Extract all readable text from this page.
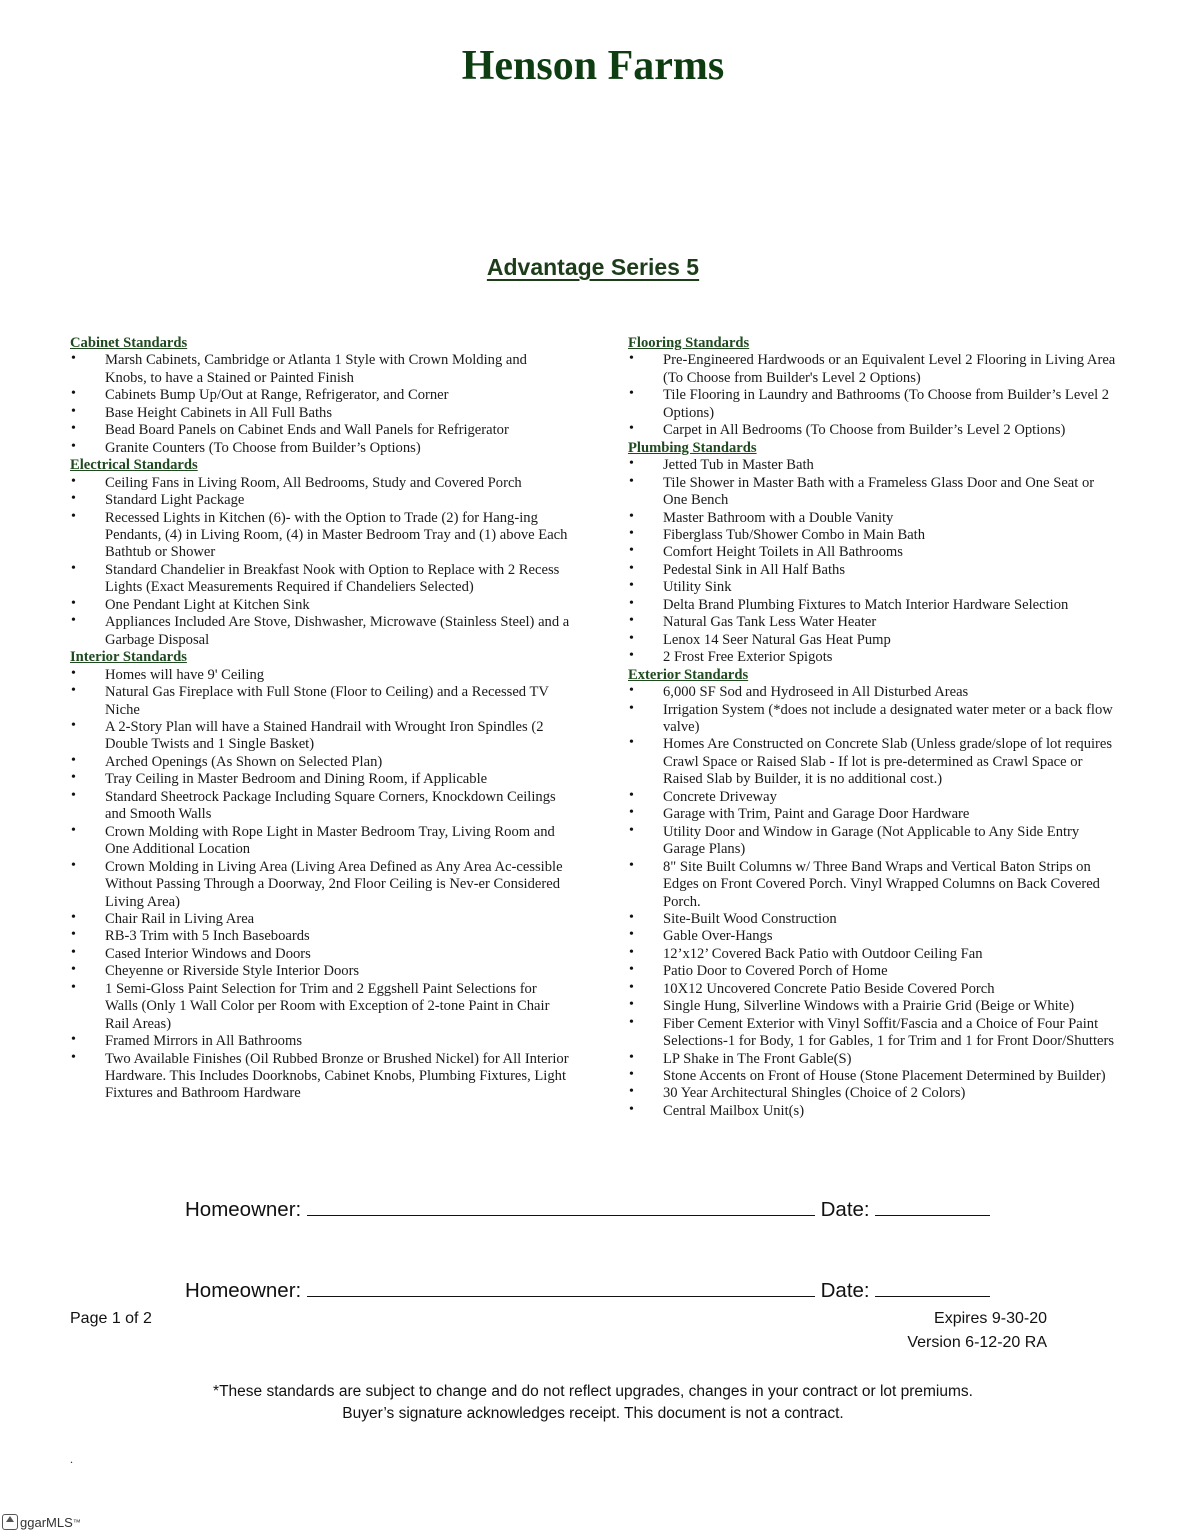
Henson Farms
Advantage Series 5
Cabinet Standards
• Marsh Cabinets, Cambridge or Atlanta 1 Style with Crown Molding and Knobs, to have a Stained or Painted Finish
• Cabinets Bump Up/Out at Range, Refrigerator, and Corner
• Base Height Cabinets in All Full Baths
• Bead Board Panels on Cabinet Ends and Wall Panels for Refrigerator
• Granite Counters (To Choose from Builder’s Options)
Electrical Standards
• Ceiling Fans in Living Room, All Bedrooms, Study and Covered Porch
• Standard Light Package
• Recessed Lights in Kitchen (6)- with the Option to Trade (2) for Hang-ing Pendants, (4) in Living Room, (4) in Master Bedroom Tray and (1) above Each Bathtub or Shower
• Standard Chandelier in Breakfast Nook with Option to Replace with 2 Recess Lights (Exact Measurements Required if Chandeliers Selected)
• One Pendant Light at Kitchen Sink
• Appliances Included Are Stove, Dishwasher, Microwave (Stainless Steel) and a Garbage Disposal
Interior Standards
• Homes will have 9' Ceiling
• Natural Gas Fireplace with Full Stone (Floor to Ceiling) and a Recessed TV Niche
• A 2-Story Plan will have a Stained Handrail with Wrought Iron Spindles (2 Double Twists and 1 Single Basket)
• Arched Openings (As Shown on Selected Plan)
• Tray Ceiling in Master Bedroom and Dining Room, if Applicable
• Standard Sheetrock Package Including Square Corners, Knockdown Ceilings and Smooth Walls
• Crown Molding with Rope Light in Master Bedroom Tray, Living Room and One Additional Location
• Crown Molding in Living Area (Living Area Defined as Any Area Ac-cessible Without Passing Through a Doorway, 2nd Floor Ceiling is Nev-er Considered Living Area)
• Chair Rail in Living Area
• RB-3 Trim with 5 Inch Baseboards
• Cased Interior Windows and Doors
• Cheyenne or Riverside Style Interior Doors
• 1 Semi-Gloss Paint Selection for Trim and 2 Eggshell Paint Selections for Walls (Only 1 Wall Color per Room with Exception of 2-tone Paint in Chair Rail Areas)
• Framed Mirrors in All Bathrooms
• Two Available Finishes (Oil Rubbed Bronze or Brushed Nickel) for All Interior Hardware. This Includes Doorknobs, Cabinet Knobs, Plumbing Fixtures, Light Fixtures and Bathroom Hardware
Flooring Standards
• Pre-Engineered Hardwoods or an Equivalent Level 2 Flooring in Living Area (To Choose from Builder's Level 2 Options)
• Tile Flooring in Laundry and Bathrooms (To Choose from Builder’s Level 2 Options)
• Carpet in All Bedrooms (To Choose from Builder’s Level 2 Options)
Plumbing Standards
• Jetted Tub in Master Bath
• Tile Shower in Master Bath with a Frameless Glass Door and One Seat or One Bench
• Master Bathroom with a Double Vanity
• Fiberglass Tub/Shower Combo in Main Bath
• Comfort Height Toilets in All Bathrooms
• Pedestal Sink in All Half Baths
• Utility Sink
• Delta Brand Plumbing Fixtures to Match Interior Hardware Selection
• Natural Gas Tank Less Water Heater
• Lenox 14 Seer Natural Gas Heat Pump
• 2 Frost Free Exterior Spigots
Exterior Standards
• 6,000 SF Sod and Hydroseed in All Disturbed Areas
• Irrigation System (*does not include a designated water meter or a back flow valve)
• Homes Are Constructed on Concrete Slab (Unless grade/slope of lot requires Crawl Space or Raised Slab - If lot is pre-determined as Crawl Space or Raised Slab by Builder, it is no additional cost.)
• Concrete Driveway
• Garage with Trim, Paint and Garage Door Hardware
• Utility Door and Window in Garage (Not Applicable to Any Side Entry Garage Plans)
• 8" Site Built Columns w/ Three Band Wraps and Vertical Baton Strips on Edges on Front Covered Porch. Vinyl Wrapped Columns on Back Covered Porch.
• Site-Built Wood Construction
• Gable Over-Hangs
• 12’x12’ Covered Back Patio with Outdoor Ceiling Fan
• Patio Door to Covered Porch of Home
• 10X12 Uncovered Concrete Patio Beside Covered Porch
• Single Hung, Silverline Windows with a Prairie Grid (Beige or White)
• Fiber Cement Exterior with Vinyl Soffit/Fascia and a Choice of Four Paint Selections-1 for Body, 1 for Gables, 1 for Trim and 1 for Front Door/Shutters
• LP Shake in The Front Gable(S)
• Stone Accents on Front of House (Stone Placement Determined by Builder)
• 30 Year Architectural Shingles (Choice of 2 Colors)
• Central Mailbox Unit(s)
Homeowner:	Date:
Homeowner:	Date:
Page 1 of 2	Expires 9-30-20
Version 6-12-20 RA
*These standards are subject to change and do not reflect upgrades, changes in your contract or lot premiums.
Buyer’s signature acknowledges receipt. This document is not a contract.
.
ggarMLS ™
